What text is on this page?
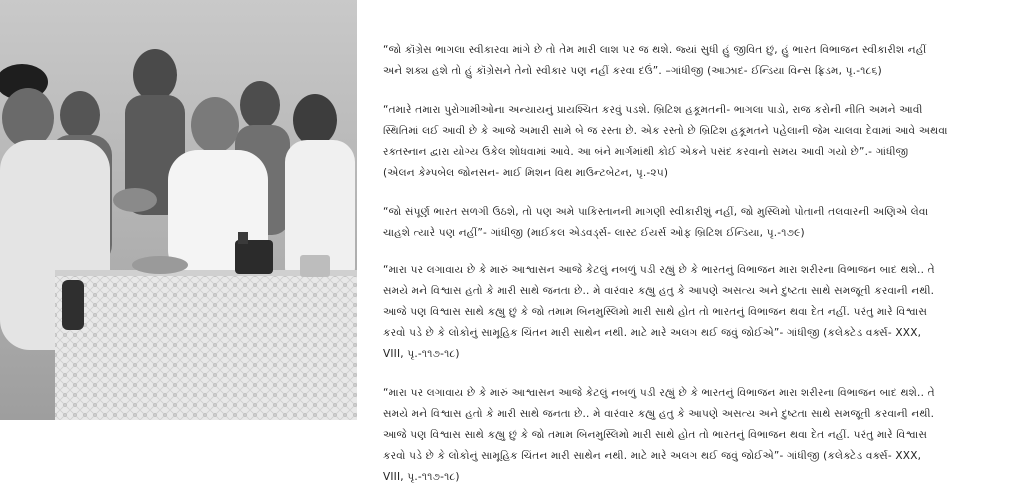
“જો કૉંગ્રેસ ભાગલા સ્વીકારવા માંગે છે તો તેમ મારી લાશ પર જ થશે. જ્યાં સુધી હું જીવિત છું, હું ભારત વિભાજન સ્વીકારીશ નહીં
અને શક્ય હશે તો હું કૉંગ્રેસને તેનો સ્વીકાર પણ નહીં કરવા દઉં”. –ગાંધીજી (આઝાદ- ઈન્ડિયા વિન્સ ફ્રિડમ, પૃ.-૧૮૬)

“તમારે તમારા પુરોગામીઓના અન્યાયનું પ્રાયશ્ચિત કરવું પડશે. બ્રિટિશ હકૂમતની- ભાગલા પાડો, રાજ કરોની નીતિ અમને આવી
સ્થિતિમાં લઈ આવી છે કે આજે અમારી સામે બે જ રસ્તા છે. એક રસ્તો છે બ્રિટિશ હકૂમતને પહેલાની જેમ ચાલવા દેવામાં આવે અથવા
રક્તસ્નાન દ્વારા યોગ્ય ઉકેલ શોધવામાં આવે. આ બંને માર્ગમાંથી કોઈ એકને પસંદ કરવાનો સમય આવી ગયો છે”.- ગાંધીજી
(એલન કેમ્પબેલ જોનસન- માઈ મિશન વિથ માઉન્ટબેટન, પૃ.-૨૫)

“જો સંપૂર્ણ ભારત સળગી ઉઠશે, તો પણ અમે પાકિસ્તાનની માગણી સ્વીકારીશું નહીં, જો મુસ્લિમો પોતાની તલવારની અણિએ લેવા
ચાહશે ત્યારે પણ નહીં”- ગાંધીજી (માઈકલ એડવર્ડ્સ- લાસ્ટ ઈયર્સ ઓફ બ્રિટિશ ઈન્ડિયા, પૃ.-૧૭૯)

“મારા પર લગાવાય છે કે મારું આશ્વાસન આજે કેટલું નબળું પડી રહ્યું છે કે ભારતનું વિભાજન મારા શરીરના વિભાજન બાદ થશે.. તે
સમયે મને વિશ્વાસ હતો કે મારી સાથે જનતા છે.. મે વારંવાર કહ્યુ હતુ કે આપણે અસત્ય અને દુષ્ટતા સાથે સમજૂતી કરવાની નથી.
આજે પણ વિશ્વાસ સાથે કહ્યુ છું કે જો તમામ બિનમુસ્લિમો મારી સાથે હોત તો ભારતનું વિભાજન થવા દેત નહીં. પરંતુ મારે વિશ્વાસ
કરવો પડે છે કે લોકોનું સામૂહિક ચિંતન મારી સાથેન નથી. માટે મારે અલગ થઈ જવું જોઈએ”- ગાંધીજી (કલેક્ટેડ વર્ક્સ- XXX,
VIII, પૃ.-૧૧૭-૧૮)

“મારા પર લગાવાય છે કે મારું આશ્વાસન આજે કેટલું નબળું પડી રહ્યું છે કે ભારતનું વિભાજન મારા શરીરના વિભાજન બાદ થશે.. તે
સમયે મને વિશ્વાસ હતો કે મારી સાથે જનતા છે.. મે વારંવાર કહ્યુ હતુ કે આપણે અસત્ય અને દુષ્ટતા સાથે સમજૂતી કરવાની નથી.
આજે પણ વિશ્વાસ સાથે કહ્યુ છું કે જો તમામ બિનમુસ્લિમો મારી સાથે હોત તો ભારતનું વિભાજન થવા દેત નહીં. પરંતુ મારે વિશ્વાસ
કરવો પડે છે કે લોકોનું સામૂહિક ચિંતન મારી સાથેન નથી. માટે મારે અલગ થઈ જવું જોઈએ”- ગાંધીજી (કલેક્ટેડ વર્ક્સ- XXX,
VIII, પૃ.-૧૧૭-૧૮)
